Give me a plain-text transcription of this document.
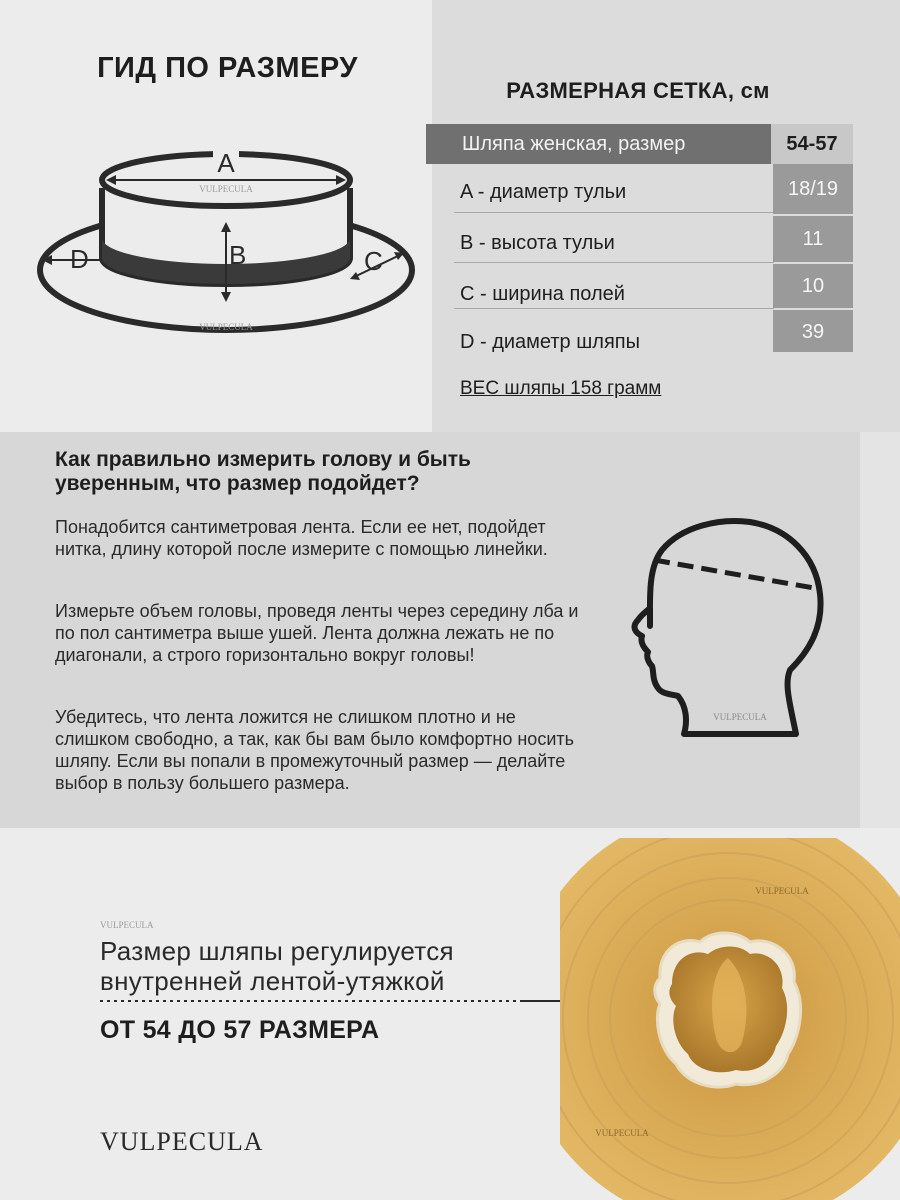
ГИД ПО РАЗМЕРУ
A
B	C
D
VULPECULA
VULPECULA
РАЗМЕРНАЯ СЕТКА, см
Шляпа женская, размер	54-57
A - диаметр тульи
B - высота тульи
C - ширина полей
D - диаметр шляпы
18/19
11
10
39
ВЕС шляпы 158 грамм
Как правильно измерить голову и быть уверенным, что размер подойдет?
Понадобится сантиметровая лента. Если ее нет, подойдет нитка, длину которой после измерите с помощью линейки.
Измерьте объем головы, проведя ленты через середину лба и по пол сантиметра выше ушей. Лента должна лежать не по диагонали, а строго горизонтально вокруг головы!
Убедитесь, что лента ложится не слишком плотно и не слишком свободно, а так, как бы вам было комфортно носить шляпу. Если вы попали в промежуточный размер — делайте выбор в пользу большего размера.
VULPECULA
VULPECULA
Размер шляпы регулируется внутренней лентой-утяжкой
ОТ 54 ДО 57 РАЗМЕРА
VULPECULA
VULPECULA
VULPECULA
